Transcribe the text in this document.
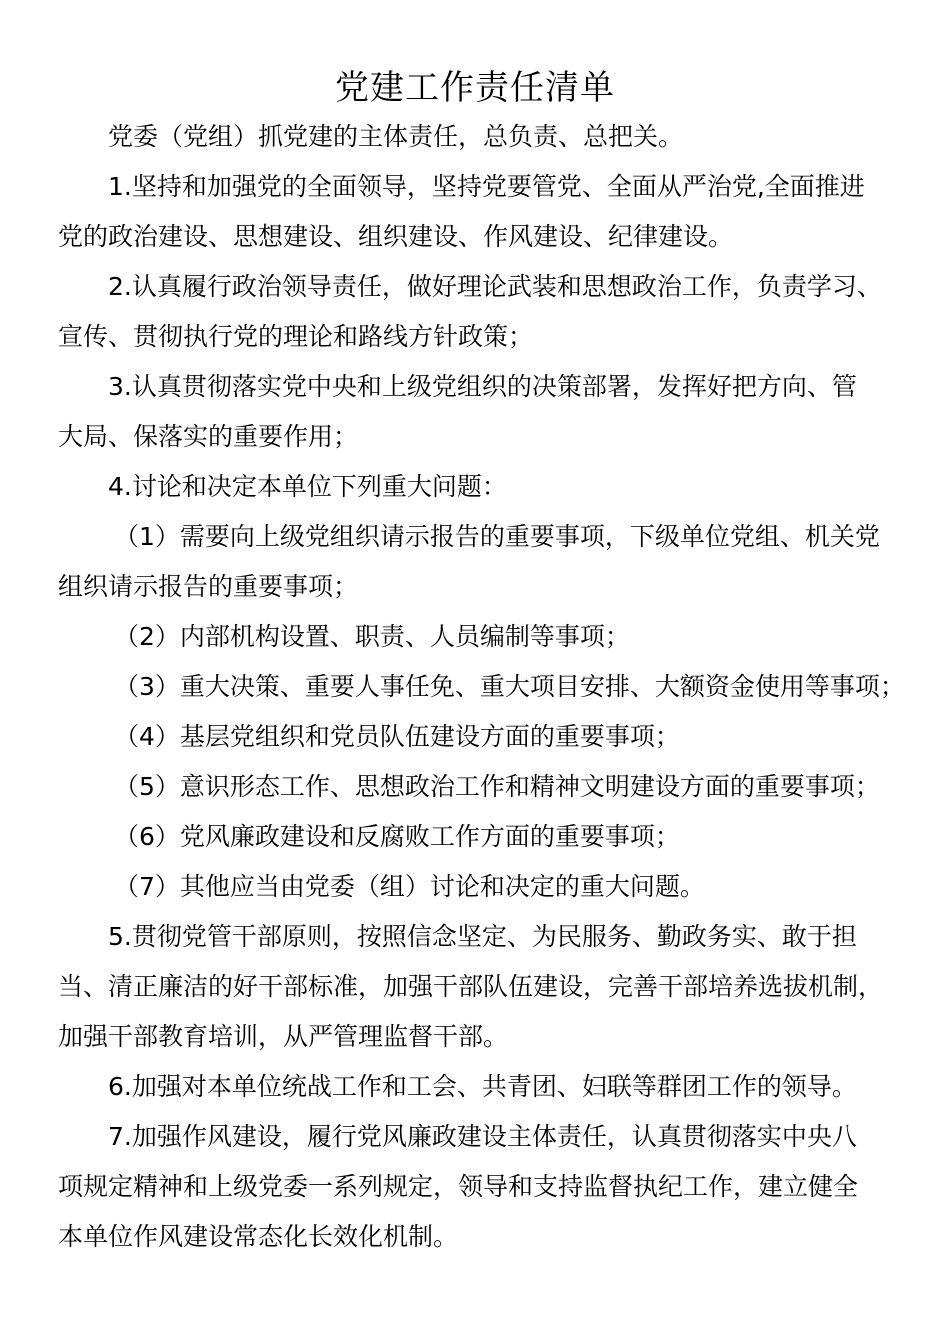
党建工作责任清单

党委（党组）抓党建的主体责任，总负责、总把关。

1.坚持和加强党的全面领导，坚持党要管党、全面从严治党,全面推进
党的政治建设、思想建设、组织建设、作风建设、纪律建设。

2.认真履行政治领导责任，做好理论武装和思想政治工作，负责学习、
宣传、贯彻执行党的理论和路线方针政策；

3.认真贯彻落实党中央和上级党组织的决策部署，发挥好把方向、管
大局、保落实的重要作用；

4.讨论和决定本单位下列重大问题：

（1）需要向上级党组织请示报告的重要事项，下级单位党组、机关党
组织请示报告的重要事项；

（2）内部机构设置、职责、人员编制等事项；

（3）重大决策、重要人事任免、重大项目安排、大额资金使用等事项；

（4）基层党组织和党员队伍建设方面的重要事项；

（5）意识形态工作、思想政治工作和精神文明建设方面的重要事项；

（6）党风廉政建设和反腐败工作方面的重要事项；

（7）其他应当由党委（组）讨论和决定的重大问题。

5.贯彻党管干部原则，按照信念坚定、为民服务、勤政务实、敢于担
当、清正廉洁的好干部标准，加强干部队伍建设，完善干部培养选拔机制，
加强干部教育培训，从严管理监督干部。

6.加强对本单位统战工作和工会、共青团、妇联等群团工作的领导。

7.加强作风建设，履行党风廉政建设主体责任，认真贯彻落实中央八
项规定精神和上级党委一系列规定，领导和支持监督执纪工作，建立健全
本单位作风建设常态化长效化机制。
